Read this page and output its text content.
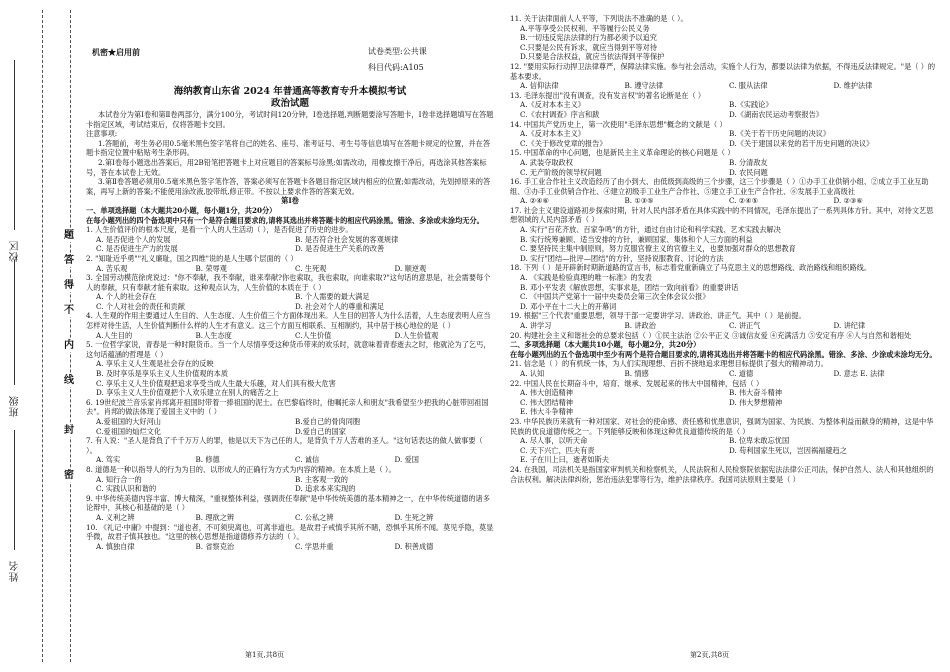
姓名
班级
校区
密
封
线
内
不
得
答
题
机密★启用前	试卷类型:公共课
科目代码:A105
海纳教育山东省 2024 年普通高等教育专升本模拟考试
政治试题

本试卷分为第Ⅰ卷和第Ⅱ卷两部分，满分100分，考试时间120分钟，Ⅰ卷选择题,判断题要涂写答题卡，Ⅰ卷非选择题填写在答题卡指定区域，考试结束后，仅将答题卡交回。

注意事项:

1.答题前，考生务必用0.5毫米黑色签字笔将自己的姓名、座号、准考证号、考生号等信息填写在答题卡规定的位置，并在答题卡指定位置中粘贴考生条形码。

2.第Ⅰ卷每小题选出答案后，用2B铅笔把答题卡上对应题目的答案标号涂黑;如需改动，用橡皮擦干净后，再选涂其他答案标号，答在本试卷上无效。

3.第Ⅱ卷答题必须用0.5毫米黑色签字笔作答，答案必须写在答题卡各题目指定区域内相应的位置;如需改动，先划掉原来的答案，再写上新的答案;不能使用涂改液,胶带纸,修正带。不按以上要求作答的答案无效。

第Ⅰ卷

一、单项选择题（本大题共20小题，每小题1分，共20分）

在每小题列出的四个备选项中只有一个是符合题目要求的,请将其选出并将答题卡的相应代码涂黑。错涂、多涂或未涂均无分。

1. 人生价值评价的根本尺度，是看一个人的人生活动（ ），是否促进了历史的进步。

A. 是否促进个人的发展	B. 是否符合社会发展的客观规律
C. 是否促进生产力的发展	D. 是否促进生产关系的改善

2. "知耻近乎勇""礼义廉耻，国之四维"说的是人生哪个层面的（ ）

A. 苦乐观	B. 荣辱观	C. 生死观	D. 顺逆观

3. 全国劳动模范徐虎说过："你不奉献，我不奉献，谁来奉献?你也索取，我也索取，向谁索取?"这句话的意思是，社会需要每个人的奉献，只有奉献才能有索取。这种观点认为，人生价值的本质在于（ ）

A. 个人的社会存在	B. 个人需要的最大满足
C. 个人对社会的责任和贡献	D. 社会对个人的尊重和满足

4. 人生观的作用主要通过人生目的、人生态度、人生价值三个方面体现出来。人生目的回答人为什么活着，人生态度表明人应当怎样对待生活，人生价值判断什么样的人生才有意义。这三个方面互相联系、互相制约，其中居于核心地位的是（ ）

A.人生目的	B.人生态度	C.人生价值	D.人生价值观

5. 一位哲学家说，青春是一种时限货币。当一个人尽情享受这种货币带来的欢乐时，就意味着青春逝去之时，他就沦为了乞丐，这句话蕴涵的哲理是（ ）

A. 享乐主义人生观是社会存在的反映
B. 及时享乐是享乐主义人生价值观的本质
C. 享乐主义人生价值观把追求享受当成人生最大乐趣，对人们具有极大危害
D. 享乐主义人生价值观把个人欢乐建立在别人的痛苦之上

6. 19世纪波兰音乐家肖邦离开祖国时带着一捧祖国的泥土。在巴黎临终时，他嘱托亲人和朋友"我希望至少把我的心脏带回祖国去"。肖邦的做法体现了爱国主义中的（ ）

A.爱祖国的大好河山	B.爱自己的骨肉同胞
C.爱祖国的灿烂文化	D.爱自己的国家

7. 有人说："圣人是背負了千千万万人的罪，他是以天下为己任的人，是背负千万人苦难的圣人。"这句话表达的做人做事要（ ）。

A. 笃实	B. 修德	C. 诚信	D. 爱国

8. 道德是一种以指导人的行为为目的、以形成人的正确行为方式为内容的精神。在本质上是（ ）。

A. 知行合一的	B. 主客观一致的
C. 实践认识和谐的	D. 追求本来实现的

9. 中华传统美德内容丰富、博大精深，"重视整体利益，强调责任奉献"是中华传统美德的基本精神之一，在中华传统道德的诸多论辩中，其核心和基础的是（ ）

A. 义利之辨	B. 理欲之辨	C. 公私之辨	D. 生死之辨

10. 《礼记·中庸》中提到："道也者，不可须臾离也，可离非道也。是故君子戒慎乎其所不睹，恐惧乎其所不闻。莫见乎隐，莫显乎微，故君子慎其独也。"这里的核心思想是指道德修养方法的（ ）。

A. 慎独自律	B. 省察克治	C. 学思并重	D. 积善成德

11. 关于法律面前人人平等，下列说法不准确的是（ ）。

A.平等享受公民权利、平等履行公民义务
B.一切违反宪法法律的行为都必须予以追究
C.只要是公民有诉求，就应当得到平等对待
D.只要是合法权益，就应当依法得到平等保护

12. "要用实际行动捍卫法律尊严，保障法律实施。参与社会活动，实施个人行为，都要以法律为依据，不得违反法律规定。"是（ ）的基本要求。

A. 信仰法律	B. 遵守法律	C. 服从法律	D. 维护法律

13. 毛泽东提出"没有调查，没有发言权"的著名论断是在（ ）

A.《反对本本主义》	B.《实践论》
C.《农村调查》序言和跋	D.《湖南农民运动考察报告》

14. 中国共产党历史上，第一次使用"毛泽东思想"概念的文献是（ ）

A.《反对本本主义》	B.《关于若干历史问题的决议》
C.《关于修改党章的报告》	D.《关于建国以来党的若干历史问题的决议》

15. 中国革命的中心问题，也是新民主主义革命理论的核心问题是（ ）

A. 武装夺取政权	B. 分清敌友
C. 无产阶级的领导权问题	D. 农民问题

16. 手工业合作社主义改造经历了由小到大、由低级到高级的三个步骤，这三个步骤是（ ）①办手工业供销小组、②成立手工业互助组、③办手工业供销合作社、④建立初级手工业生产合作社、⑤建立手工业生产合作社、⑥发展手工业高级社

A. ②④⑥	B. ①③⑤	C. ②④⑤	D. ②③⑥

17. 社会主义建设道路初步探索时期，针对人民内部矛盾在具体实践中的不同情况，毛泽东提出了一系列具体方针。其中，对待文艺思想领域的人民内部矛盾（ ）

A. 实行"百花齐放、百家争鸣"的方针，通过自由讨论和科学实践、艺术实践去解决
B. 实行统筹兼顾、适当安排的方针，兼顾国家、集体和个人三方面的利益
C. 要坚持民主集中制原则，努力克服官僚主义的官僚主义，也要加强对群众的思想教育
D. 实行"团结—批评—团结"的方针，坚持说服教育、讨论的方法

18. 下列（ ）是开辟新时期新道路的宣言书，标志着党重新确立了马克思主义的思想路线、政治路线和组织路线。

A. 《实践是检验真理的唯一标准》的发表
B. 邓小平发表《解放思想，实事求是，团结一致向前看》的重要讲话
C. 《中国共产党第十一届中央委员会第三次全体会议公报》
D. 邓小平在十二大上的开幕词

19. 根据"三个代表"重要思想，领导干部一定要讲学习、讲政治、讲正气。其中（ ）是前提。

A. 讲学习	B. 讲政治	C. 讲正气	D. 讲纪律

20. 构建社会主义和谐社会的总要求包括（ ）①民主法治 ②公平正义 ③诚信友爱 ④充满活力 ⑤安定有序 ⑥人与自然和谐相处

二、多项选择题（本大题共10小题，每小题2分，共20分）

在每小题列出的五个备选项中至少有两个是符合题目要求的,请将其选出并将答题卡的相应代码涂黑。错涂、多涂、少涂或未涂均无分。

21. 信念是（ ）的有机统一体，为人们实现理想、百折不挠地追求理想目标提供了强大的精神动力。

A. 认知	B. 情感	C. 道德	D. 意志 E. 法律

22. 中国人民在长期奋斗中，培育、继承、发展起来的伟大中国精神，包括（ ）

A. 伟大创造精神	B. 伟大奋斗精神
C. 伟大团结精神	D. 伟大梦想精神
E. 伟大斗争精神

23. 中华民族历来就有一种对国家、对社会的使命感、责任感和忧患意识，强调为国家、为民族、为整体利益而献身的精神，这是中华民族的优良道德传统之一。下列能够反映和体现这种优良道德传统的是（ ）

A. 尽人事，以听天命	B. 位卑未敢忘忧国
C. 天下兴亡，匹夫有责	D. 苟利国家生死以，岂因祸福避趋之
E. 子在川上曰，逝者如斯夫

24. 在我国，司法机关是指国家审判机关和检察机关，人民法院和人民检察院依据宪法法律公正司法，保护自然人、法人和其他组织的合法权利。解决法律纠纷，惩治违法犯罪等行为，维护法律秩序。我国司法原则主要是（ ）

第1页,共8页	第2页,共8页
